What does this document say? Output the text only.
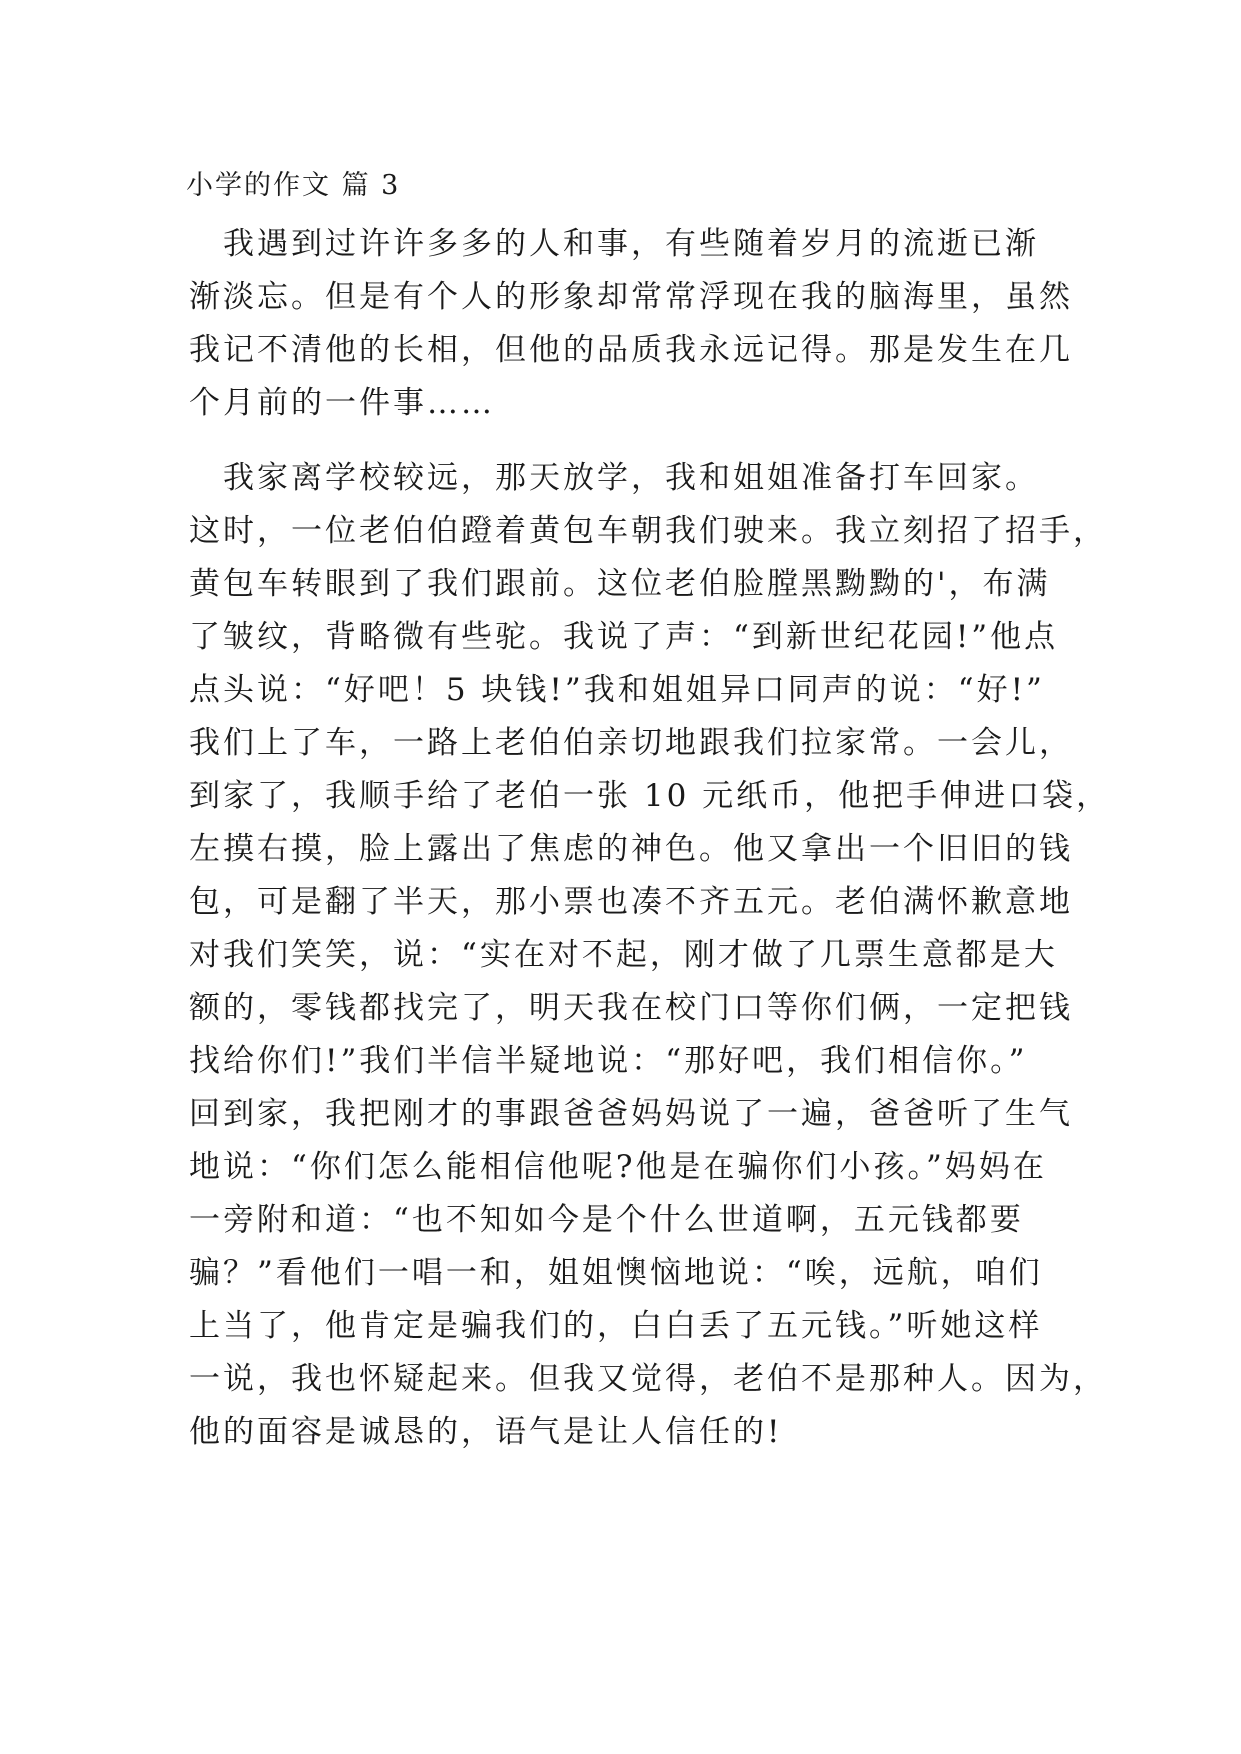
小学的作文 篇 3
　我遇到过许许多多的人和事，有些随着岁月的流逝已渐
渐淡忘。但是有个人的形象却常常浮现在我的脑海里，虽然
我记不清他的长相，但他的品质我永远记得。那是发生在几
个月前的一件事……
　我家离学校较远，那天放学，我和姐姐准备打车回家。
这时，一位老伯伯蹬着黄包车朝我们驶来。我立刻招了招手，
黄包车转眼到了我们跟前。这位老伯脸膛黑黝黝的'，布满
了皱纹，背略微有些驼。我说了声：“到新世纪花园!”他点
点头说：“好吧！5 块钱!”我和姐姐异口同声的说：“好!”
我们上了车，一路上老伯伯亲切地跟我们拉家常。一会儿，
到家了，我顺手给了老伯一张 10 元纸币，他把手伸进口袋，
左摸右摸，脸上露出了焦虑的神色。他又拿出一个旧旧的钱
包，可是翻了半天，那小票也凑不齐五元。老伯满怀歉意地
对我们笑笑，说：“实在对不起，刚才做了几票生意都是大
额的，零钱都找完了，明天我在校门口等你们俩，一定把钱
找给你们!”我们半信半疑地说：“那好吧，我们相信你。”
回到家，我把刚才的事跟爸爸妈妈说了一遍，爸爸听了生气
地说：“你们怎么能相信他呢?他是在骗你们小孩。”妈妈在
一旁附和道：“也不知如今是个什么世道啊，五元钱都要
骗？”看他们一唱一和，姐姐懊恼地说：“唉，远航，咱们
上当了，他肯定是骗我们的，白白丢了五元钱。”听她这样
一说，我也怀疑起来。但我又觉得，老伯不是那种人。因为，
他的面容是诚恳的，语气是让人信任的!
